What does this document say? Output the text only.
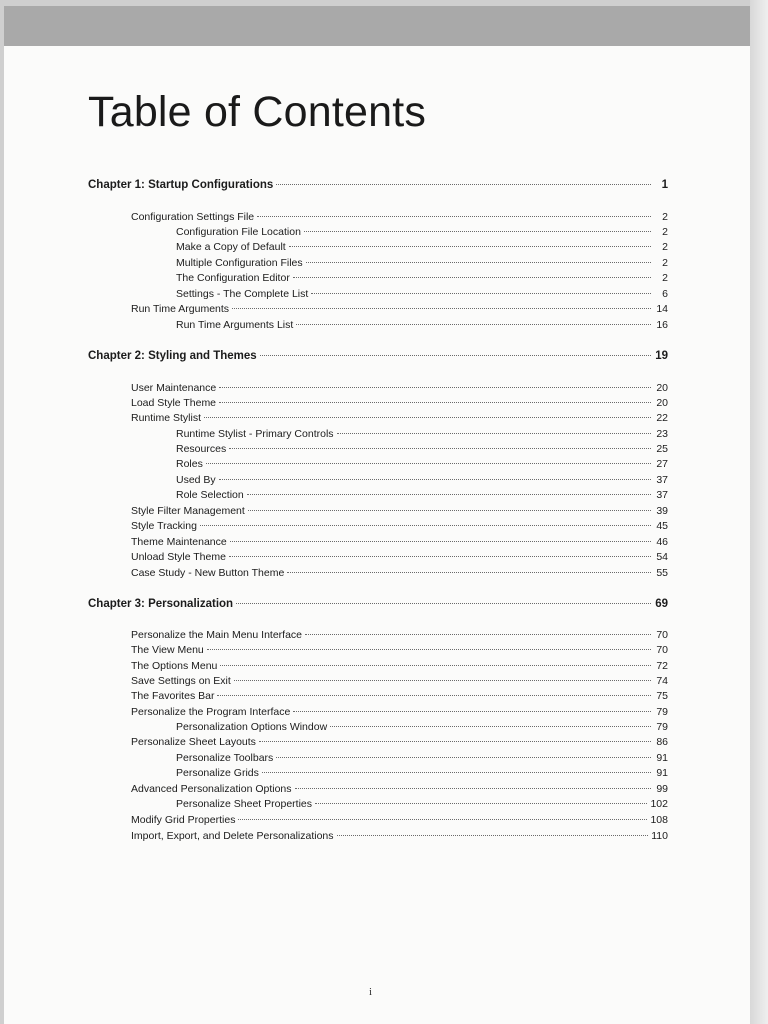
Table of Contents
Chapter 1: Startup Configurations	1
Configuration Settings File	2
Configuration File Location	2
Make a Copy of Default	2
Multiple Configuration Files	2
The Configuration Editor	2
Settings - The Complete List	6
Run Time Arguments	14
Run Time Arguments List	16
Chapter 2: Styling and Themes	19
User Maintenance	20
Load Style Theme	20
Runtime Stylist	22
Runtime Stylist - Primary Controls	23
Resources	25
Roles	27
Used By	37
Role Selection	37
Style Filter Management	39
Style Tracking	45
Theme Maintenance	46
Unload Style Theme	54
Case Study - New Button Theme	55
Chapter 3: Personalization	69
Personalize the Main Menu Interface	70
The View Menu	70
The Options Menu	72
Save Settings on Exit	74
The Favorites Bar	75
Personalize the Program Interface	79
Personalization Options Window	79
Personalize Sheet Layouts	86
Personalize Toolbars	91
Personalize Grids	91
Advanced Personalization Options	99
Personalize Sheet Properties	102
Modify Grid Properties	108
Import, Export, and Delete Personalizations	110
i
